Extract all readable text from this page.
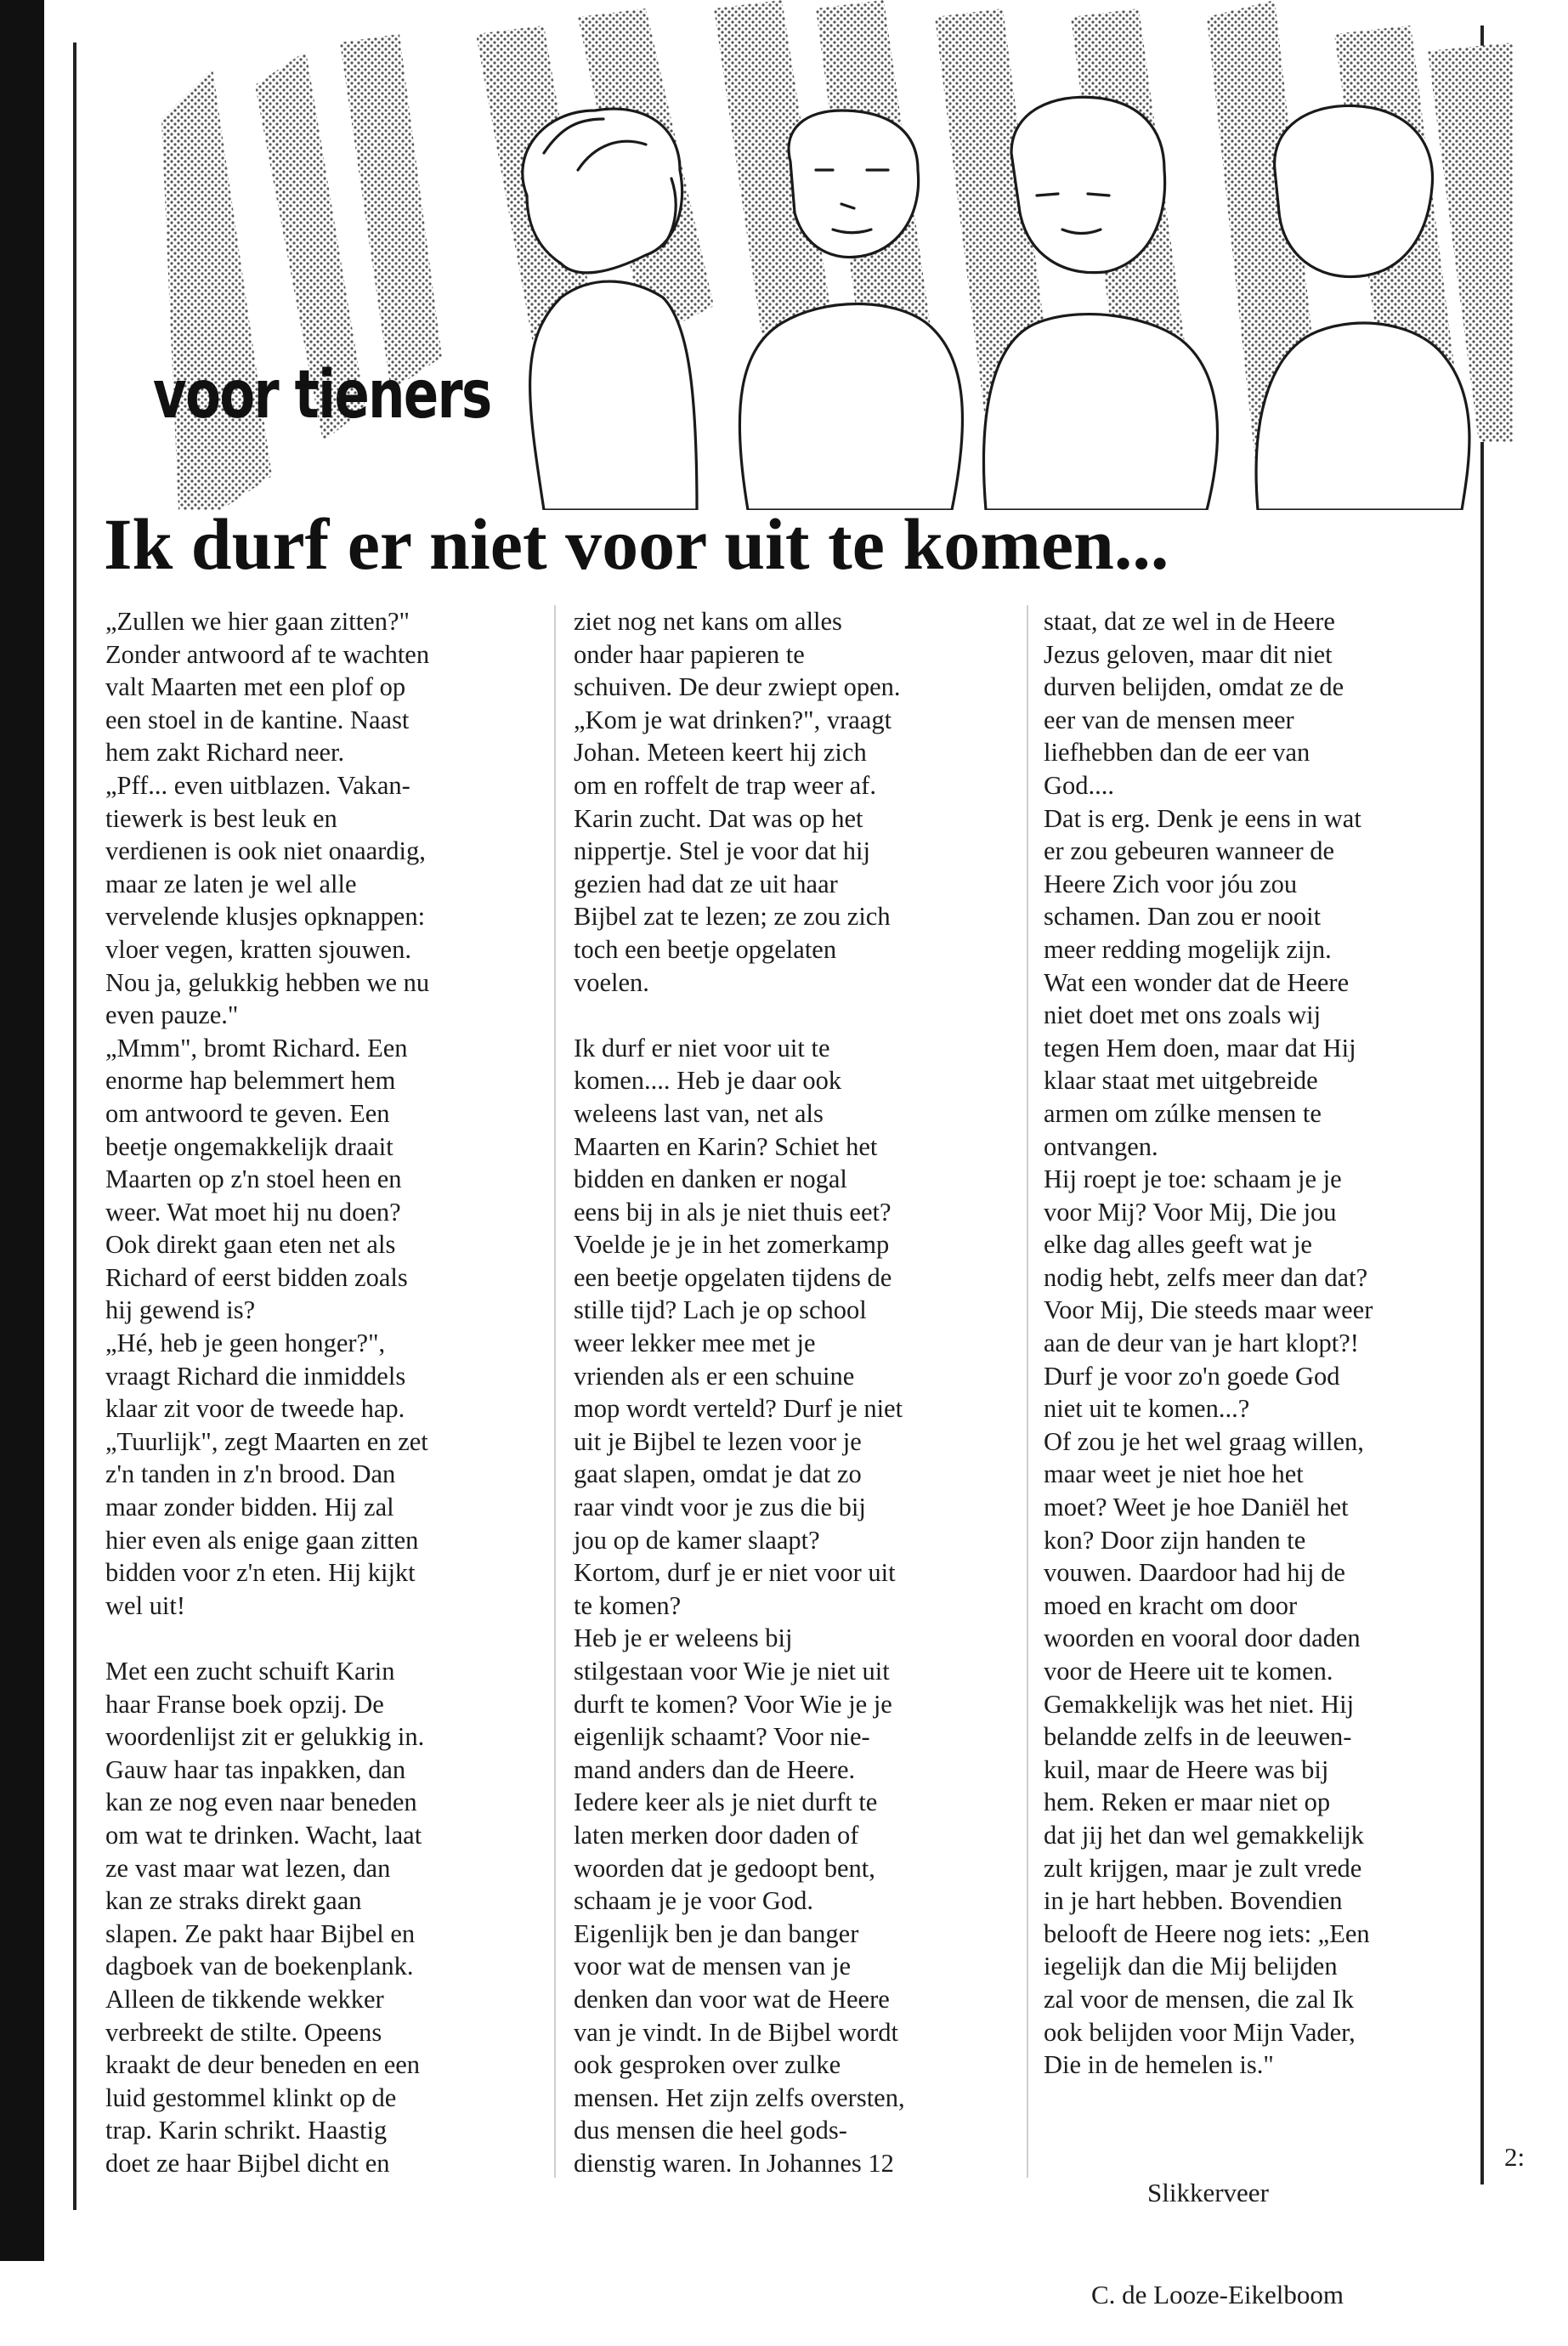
voor tieners
Ik durf er niet voor uit te komen...

„Zullen we hier gaan zitten?"

Zonder antwoord af te wachten

valt Maarten met een plof op

een stoel in de kantine. Naast

hem zakt Richard neer.

„Pff... even uitblazen. Vakan-

tiewerk is best leuk en

verdienen is ook niet onaardig,

maar ze laten je wel alle

vervelende klusjes opknappen:

vloer vegen, kratten sjouwen.

Nou ja, gelukkig hebben we nu

even pauze."

„Mmm", bromt Richard. Een

enorme hap belemmert hem

om antwoord te geven. Een

beetje ongemakkelijk draait

Maarten op z'n stoel heen en

weer. Wat moet hij nu doen?

Ook direkt gaan eten net als

Richard of eerst bidden zoals

hij gewend is?

„Hé, heb je geen honger?",

vraagt Richard die inmiddels

klaar zit voor de tweede hap.

„Tuurlijk", zegt Maarten en zet

z'n tanden in z'n brood. Dan

maar zonder bidden. Hij zal

hier even als enige gaan zitten

bidden voor z'n eten. Hij kijkt

wel uit!

Met een zucht schuift Karin

haar Franse boek opzij. De

woordenlijst zit er gelukkig in.

Gauw haar tas inpakken, dan

kan ze nog even naar beneden

om wat te drinken. Wacht, laat

ze vast maar wat lezen, dan

kan ze straks direkt gaan

slapen. Ze pakt haar Bijbel en

dagboek van de boekenplank.

Alleen de tikkende wekker

verbreekt de stilte. Opeens

kraakt de deur beneden en een

luid gestommel klinkt op de

trap. Karin schrikt. Haastig

doet ze haar Bijbel dicht en

ziet nog net kans om alles

onder haar papieren te

schuiven. De deur zwiept open.

„Kom je wat drinken?", vraagt

Johan. Meteen keert hij zich

om en roffelt de trap weer af.

Karin zucht. Dat was op het

nippertje. Stel je voor dat hij

gezien had dat ze uit haar

Bijbel zat te lezen; ze zou zich

toch een beetje opgelaten

voelen.

Ik durf er niet voor uit te

komen.... Heb je daar ook

weleens last van, net als

Maarten en Karin? Schiet het

bidden en danken er nogal

eens bij in als je niet thuis eet?

Voelde je je in het zomerkamp

een beetje opgelaten tijdens de

stille tijd? Lach je op school

weer lekker mee met je

vrienden als er een schuine

mop wordt verteld? Durf je niet

uit je Bijbel te lezen voor je

gaat slapen, omdat je dat zo

raar vindt voor je zus die bij

jou op de kamer slaapt?

Kortom, durf je er niet voor uit

te komen?

Heb je er weleens bij

stilgestaan voor Wie je niet uit

durft te komen? Voor Wie je je

eigenlijk schaamt? Voor nie-

mand anders dan de Heere.

Iedere keer als je niet durft te

laten merken door daden of

woorden dat je gedoopt bent,

schaam je je voor God.

Eigenlijk ben je dan banger

voor wat de mensen van je

denken dan voor wat de Heere

van je vindt. In de Bijbel wordt

ook gesproken over zulke

mensen. Het zijn zelfs oversten,

dus mensen die heel gods-

dienstig waren. In Johannes 12

staat, dat ze wel in de Heere

Jezus geloven, maar dit niet

durven belijden, omdat ze de

eer van de mensen meer

liefhebben dan de eer van

God....

Dat is erg. Denk je eens in wat

er zou gebeuren wanneer de

Heere Zich voor jóu zou

schamen. Dan zou er nooit

meer redding mogelijk zijn.

Wat een wonder dat de Heere

niet doet met ons zoals wij

tegen Hem doen, maar dat Hij

klaar staat met uitgebreide

armen om zúlke mensen te

ontvangen.

Hij roept je toe: schaam je je

voor Mij? Voor Mij, Die jou

elke dag alles geeft wat je

nodig hebt, zelfs meer dan dat?

Voor Mij, Die steeds maar weer

aan de deur van je hart klopt?!

Durf je voor zo'n goede God

niet uit te komen...?

Of zou je het wel graag willen,

maar weet je niet hoe het

moet? Weet je hoe Daniël het

kon? Door zijn handen te

vouwen. Daardoor had hij de

moed en kracht om door

woorden en vooral door daden

voor de Heere uit te komen.

Gemakkelijk was het niet. Hij

belandde zelfs in de leeuwen-

kuil, maar de Heere was bij

hem. Reken er maar niet op

dat jij het dan wel gemakkelijk

zult krijgen, maar je zult vrede

in je hart hebben. Bovendien

belooft de Heere nog iets: „Een

iegelijk dan die Mij belijden

zal voor de mensen, die zal Ik

ook belijden voor Mijn Vader,

Die in de hemelen is."

Slikkerveer

C. de Looze-Eikelboom

2:
